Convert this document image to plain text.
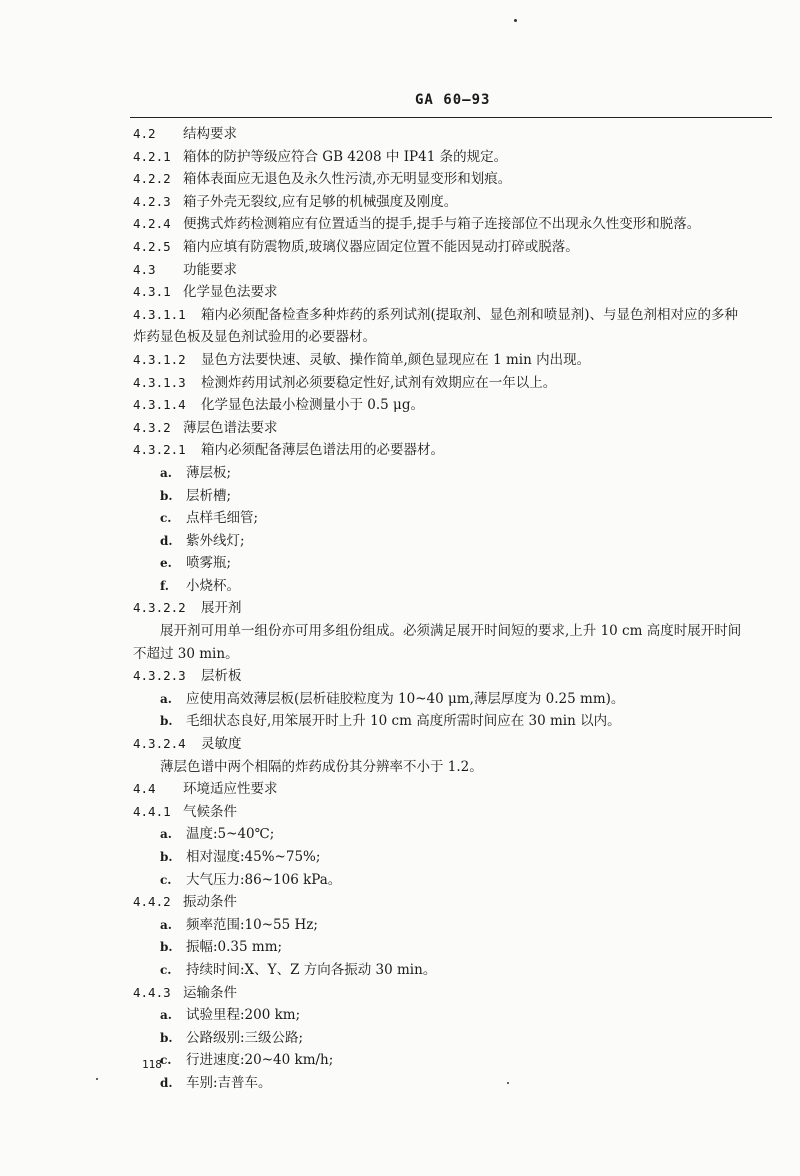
GA 60—93
4.2 结构要求
4.2.1 箱体的防护等级应符合 GB 4208 中 IP41 条的规定。
4.2.2 箱体表面应无退色及永久性污渍,亦无明显变形和划痕。
4.2.3 箱子外壳无裂纹,应有足够的机械强度及刚度。
4.2.4 便携式炸药检测箱应有位置适当的提手,提手与箱子连接部位不出现永久性变形和脱落。
4.2.5 箱内应填有防震物质,玻璃仪器应固定位置不能因晃动打碎或脱落。
4.3 功能要求
4.3.1 化学显色法要求
4.3.1.1 箱内必须配备检查多种炸药的系列试剂(提取剂、显色剂和喷显剂)、与显色剂相对应的多种
炸药显色板及显色剂试验用的必要器材。
4.3.1.2 显色方法要快速、灵敏、操作简单,颜色显现应在 1 min 内出现。
4.3.1.3 检测炸药用试剂必须要稳定性好,试剂有效期应在一年以上。
4.3.1.4 化学显色法最小检测量小于 0.5 μg。
4.3.2 薄层色谱法要求
4.3.2.1 箱内必须配备薄层色谱法用的必要器材。
a. 薄层板;
b. 层析槽;
c. 点样毛细管;
d. 紫外线灯;
e. 喷雾瓶;
f. 小烧杯。
4.3.2.2 展开剂
展开剂可用单一组份亦可用多组份组成。必须满足展开时间短的要求,上升 10 cm 高度时展开时间
不超过 30 min。
4.3.2.3 层析板
a. 应使用高效薄层板(层析硅胶粒度为 10~40 μm,薄层厚度为 0.25 mm)。
b. 毛细状态良好,用笨展开时上升 10 cm 高度所需时间应在 30 min 以内。
4.3.2.4 灵敏度
薄层色谱中两个相隔的炸药成份其分辨率不小于 1.2。
4.4 环境适应性要求
4.4.1 气候条件
a. 温度:5~40℃;
b. 相对湿度:45%~75%;
c. 大气压力:86~106 kPa。
4.4.2 振动条件
a. 频率范围:10~55 Hz;
b. 振幅:0.35 mm;
c. 持续时间:X、Y、Z 方向各振动 30 min。
4.4.3 运输条件
a. 试验里程:200 km;
b. 公路级别:三级公路;
c. 行进速度:20~40 km/h;
d. 车别:吉普车。
118
